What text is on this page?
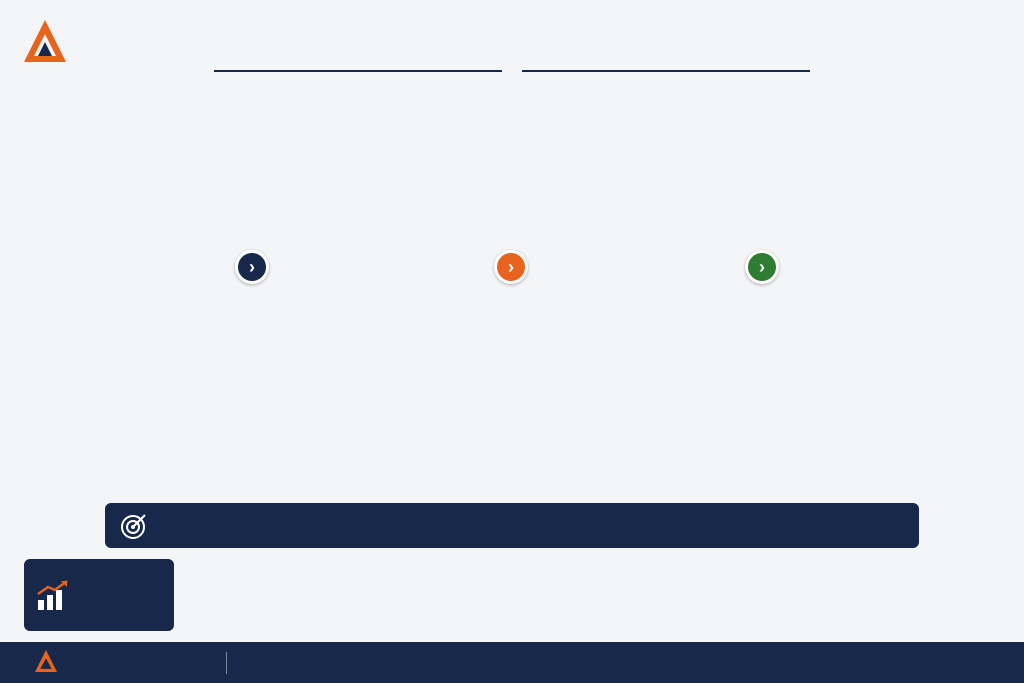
›	›	›
